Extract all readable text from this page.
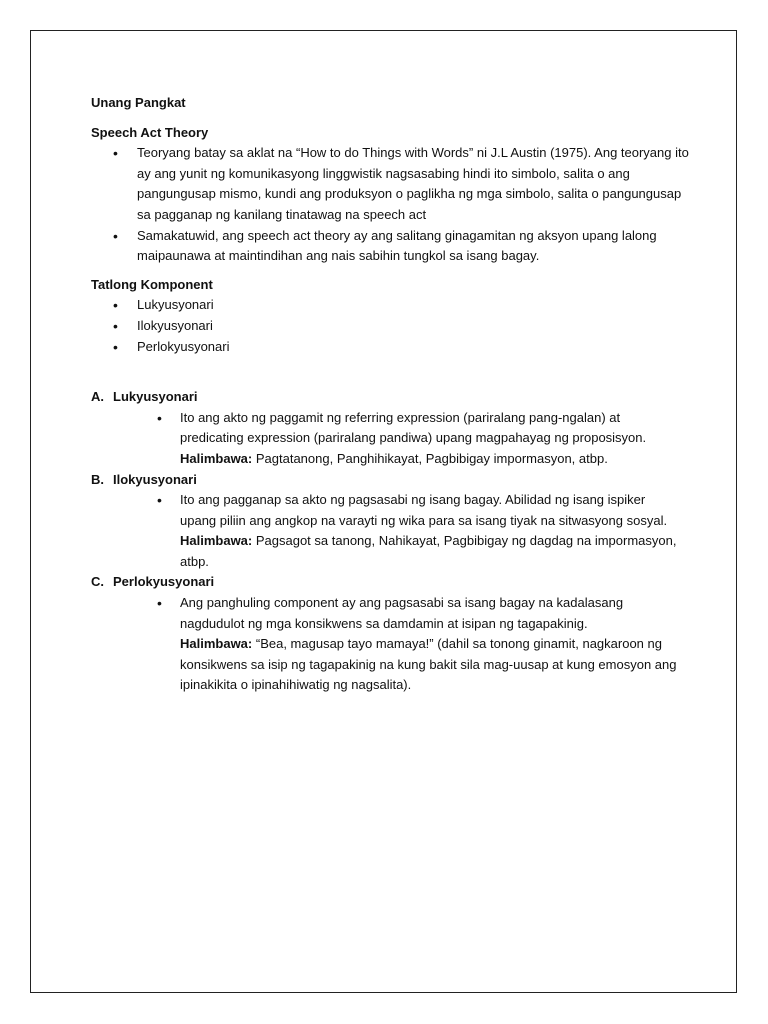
Unang Pangkat

Speech Act Theory

• Teoryang batay sa aklat na “How to do Things with Words” ni J.L Austin (1975). Ang teoryang ito ay ang yunit ng komunikasyong linggwistik nagsasabing hindi ito simbolo, salita o ang pangungusap mismo, kundi ang produksyon o paglikha ng mga simbolo, salita o pangungusap sa pagganap ng kanilang tinatawag na speech act
• Samakatuwid, ang speech act theory ay ang salitang ginagamitan ng aksyon upang lalong maipaunawa at maintindihan ang nais sabihin tungkol sa isang bagay.

Tatlong Komponent

• Lukyusyonari
• Ilokyusyonari
• Perlokyusyonari
A. Lukyusyonari
• Ito ang akto ng paggamit ng referring expression (pariralang pang-ngalan) at predicating expression (pariralang pandiwa) upang magpahayag ng proposisyon.
Halimbawa: Pagtatanong, Panghihikayat, Pagbibigay impormasyon, atbp.
B. Ilokyusyonari
• Ito ang pagganap sa akto ng pagsasabi ng isang bagay. Abilidad ng isang ispiker upang piliin ang angkop na varayti ng wika para sa isang tiyak na sitwasyong sosyal.
Halimbawa: Pagsagot sa tanong, Nahikayat, Pagbibigay ng dagdag na impormasyon, atbp.
C. Perlokyusyonari
• Ang panghuling component ay ang pagsasabi sa isang bagay na kadalasang nagdudulot ng mga konsikwens sa damdamin at isipan ng tagapakinig.
Halimbawa: “Bea, magusap tayo mamaya!” (dahil sa tonong ginamit, nagkaroon ng konsikwens sa isip ng tagapakinig na kung bakit sila mag-uusap at kung emosyon ang ipinakikita o ipinahihiwatig ng nagsalita).
